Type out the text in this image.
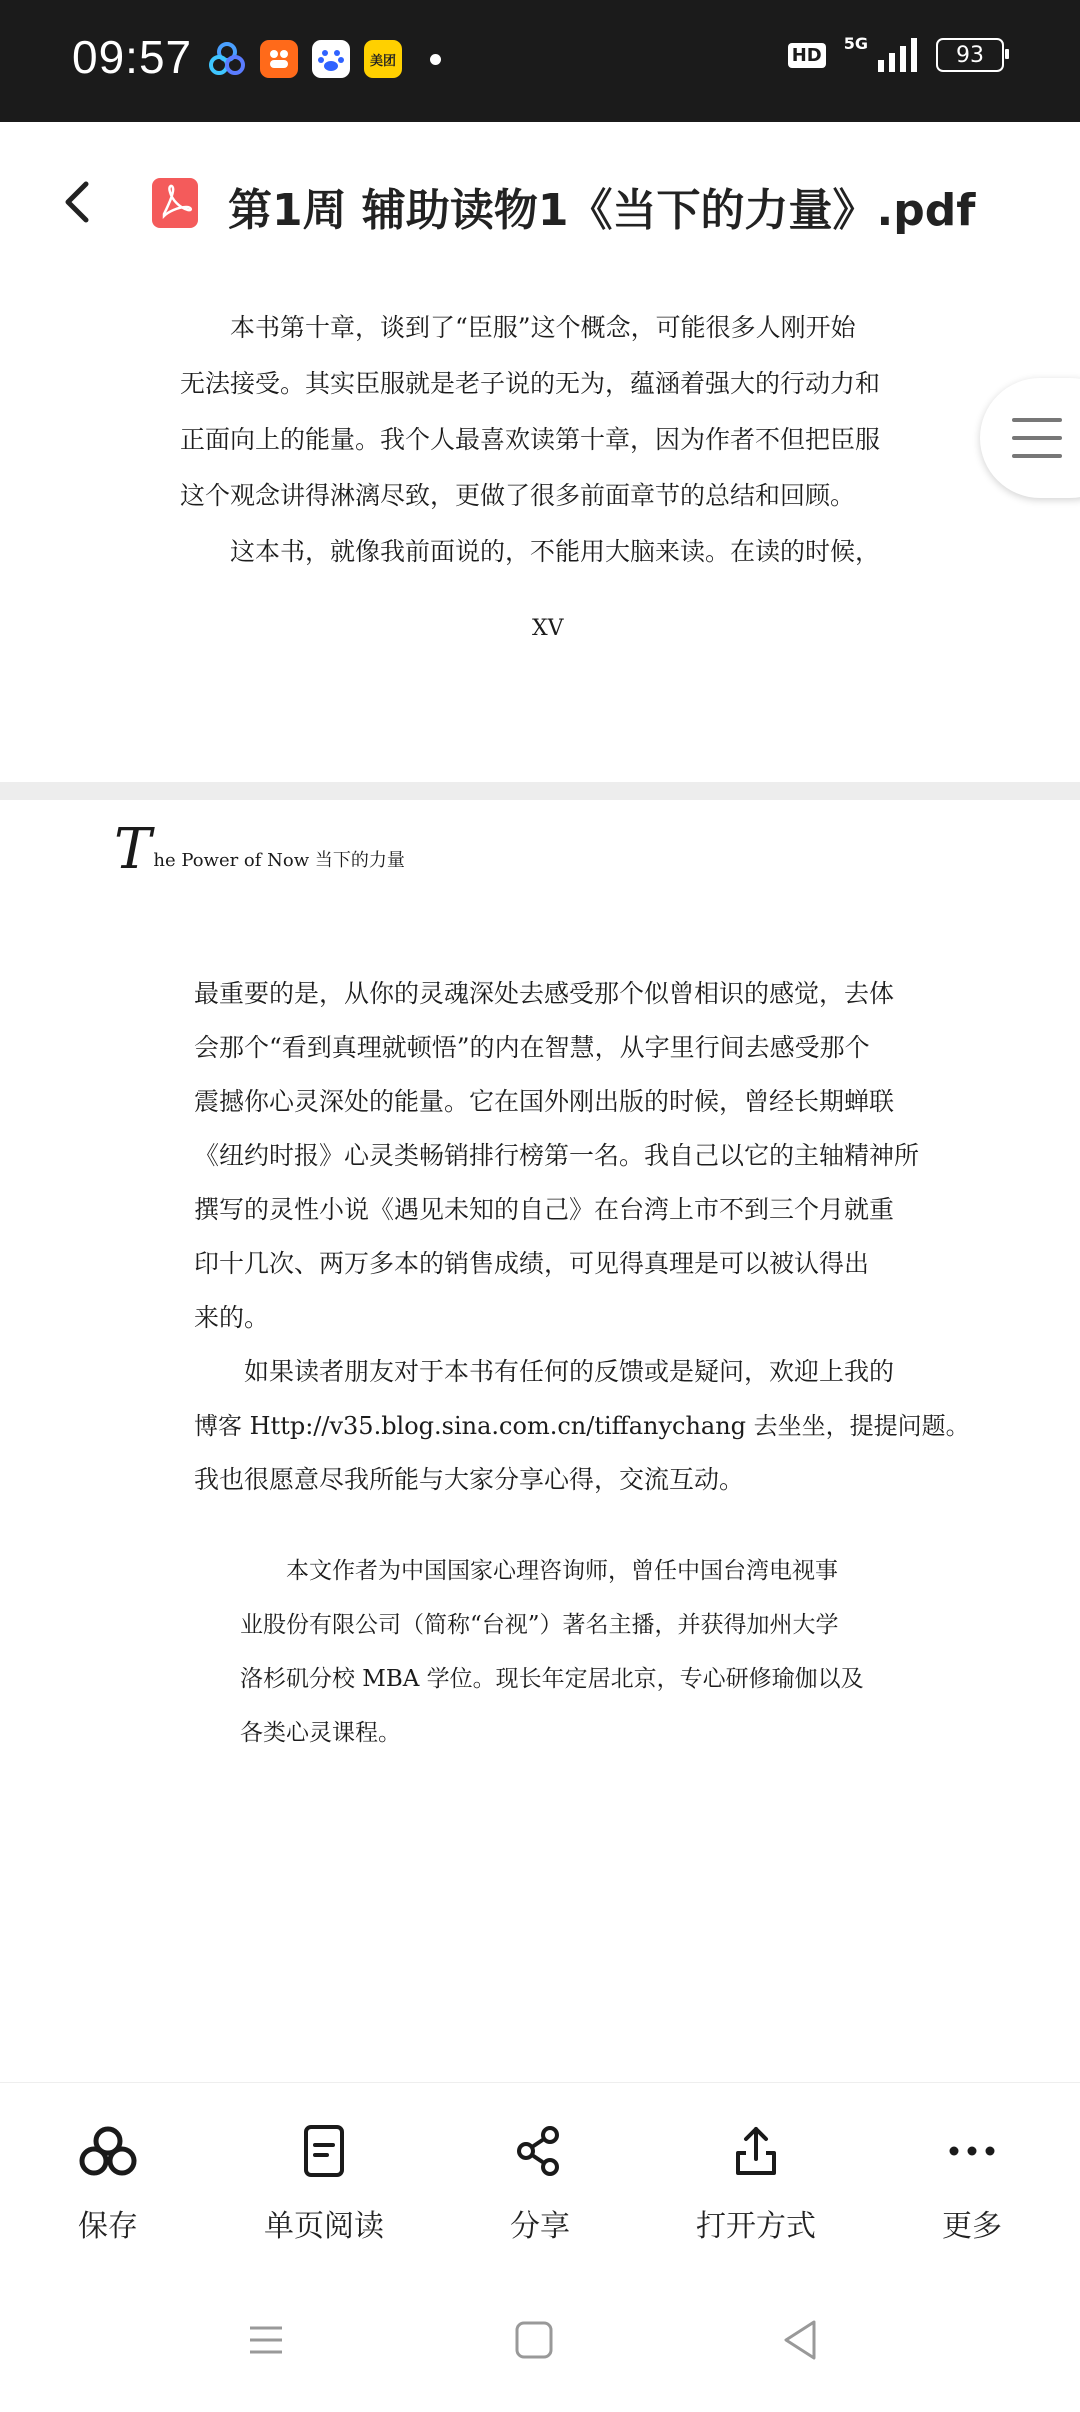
09:57	美团	HD
5G	93
第1周 辅助读物1《当下的力量》.pdf
　　本书第十章，谈到了“臣服”这个概念，可能很多人刚开始
无法接受。其实臣服就是老子说的无为，蕴涵着强大的行动力和
正面向上的能量。我个人最喜欢读第十章，因为作者不但把臣服
这个观念讲得淋漓尽致，更做了很多前面章节的总结和回顾。
　　这本书，就像我前面说的，不能用大脑来读。在读的时候，
XV
T he Power of Now 当下的力量
最重要的是，从你的灵魂深处去感受那个似曾相识的感觉，去体
会那个“看到真理就顿悟”的内在智慧，从字里行间去感受那个
震撼你心灵深处的能量。它在国外刚出版的时候，曾经长期蝉联
《纽约时报》心灵类畅销排行榜第一名。我自己以它的主轴精神所
撰写的灵性小说《遇见未知的自己》在台湾上市不到三个月就重
印十几次、两万多本的销售成绩，可见得真理是可以被认得出
来的。
　　如果读者朋友对于本书有任何的反馈或是疑问，欢迎上我的
博客 Http://v35.blog.sina.com.cn/tiffanychang 去坐坐，提提问题。
我也很愿意尽我所能与大家分享心得，交流互动。
　　本文作者为中国国家心理咨询师，曾任中国台湾电视事
业股份有限公司（简称“台视”）著名主播，并获得加州大学
洛杉矶分校 MBA 学位。现长年定居北京，专心研修瑜伽以及
各类心灵课程。
保存	单页阅读	分享	打开方式	更多
